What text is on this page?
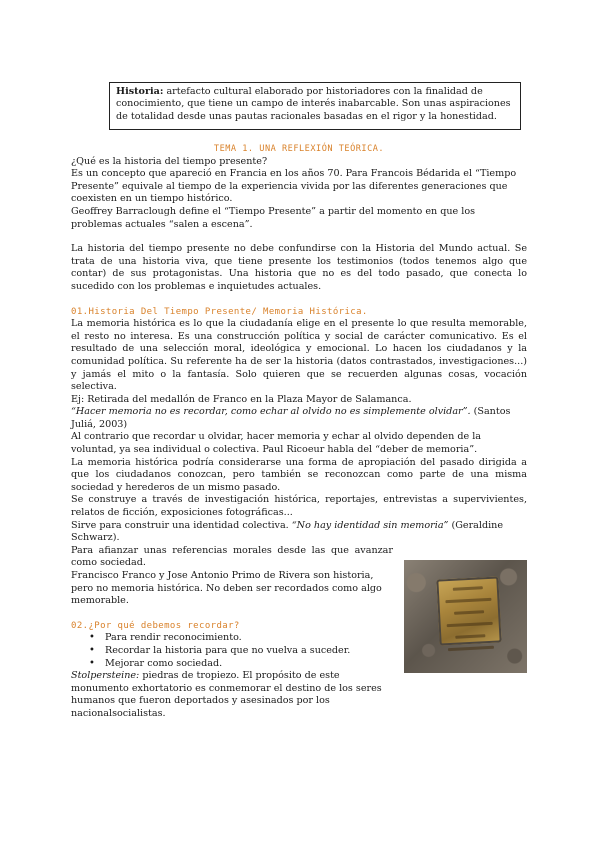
Historia: artefacto cultural elaborado por historiadores con la finalidad de conocimiento, que tiene un campo de interés inabarcable. Son unas aspiraciones de totalidad desde unas pautas racionales basadas en el rigor y la honestidad.

TEMA 1. UNA REFLEXIÓN TEÓRICA.

¿Qué es la historia del tiempo presente?

Es un concepto que apareció en Francia en los años 70. Para Francois Bédarida el “Tiempo Presente” equivale al tiempo de la experiencia vivida por las diferentes generaciones que coexisten en un tiempo histórico.

Geoffrey Barraclough define el “Tiempo Presente” a partir del momento en que los problemas actuales “salen a escena”.

La historia del tiempo presente no debe confundirse con la Historia del Mundo actual. Se trata de una historia viva, que tiene presente los testimonios (todos tenemos algo que contar) de sus protagonistas. Una historia que no es del todo pasado, que conecta lo sucedido con los problemas e inquietudes actuales.

01.Historia Del Tiempo Presente/ Memoria Histórica.

La memoria histórica es lo que la ciudadanía elige en el presente lo que resulta memorable, el resto no interesa. Es una construcción política y social de carácter comunicativo. Es el resultado de una selección moral, ideológica y emocional. Lo hacen los ciudadanos y la comunidad política. Su referente ha de ser la historia (datos contrastados, investigaciones...) y jamás el mito o la fantasía. Solo quieren que se recuerden algunas cosas, vocación selectiva.

Ej: Retirada del medallón de Franco en la Plaza Mayor de Salamanca.

“Hacer memoria no es recordar, como echar al olvido no es simplemente olvidar”. (Santos Juliá, 2003)

Al contrario que recordar u olvidar, hacer memoria y echar al olvido dependen de la voluntad, ya sea individual o colectiva. Paul Ricoeur habla del “deber de memoria”.

La memoria histórica podría considerarse una forma de apropiación del pasado dirigida a que los ciudadanos conozcan, pero también se reconozcan como parte de una misma sociedad y herederos de un mismo pasado.

Se construye a través de investigación histórica, reportajes, entrevistas a supervivientes, relatos de ficción, exposiciones fotográficas...

Sirve para construir una identidad colectiva. “No hay identidad sin memoria” (Geraldine Schwarz).

Para afianzar unas referencias morales desde las que avanzar como sociedad.

Francisco Franco y Jose Antonio Primo de Rivera son historia, pero no memoria histórica. No deben ser recordados como algo memorable.

02.¿Por qué debemos recordar?

• Para rendir reconocimiento.
• Recordar la historia para que no vuelva a suceder.
• Mejorar como sociedad.

Stolpersteine: piedras de tropiezo. El propósito de este monumento exhortatorio es conmemorar el destino de los seres humanos que fueron deportados y asesinados por los nacionalsocialistas.
